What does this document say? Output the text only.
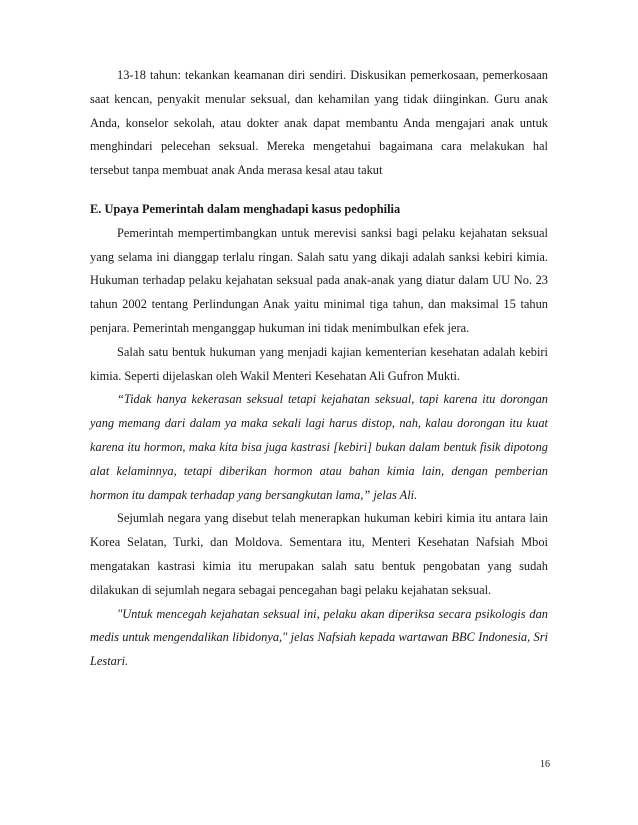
13-18 tahun: tekankan keamanan diri sendiri. Diskusikan pemerkosaan, pemerkosaan saat kencan, penyakit menular seksual, dan kehamilan yang tidak diinginkan. Guru anak Anda, konselor sekolah, atau dokter anak dapat membantu Anda mengajari anak untuk menghindari pelecehan seksual. Mereka mengetahui bagaimana cara melakukan hal tersebut tanpa membuat anak Anda merasa kesal atau takut

E. Upaya Pemerintah dalam menghadapi kasus pedophilia

Pemerintah mempertimbangkan untuk merevisi sanksi bagi pelaku kejahatan seksual yang selama ini dianggap terlalu ringan. Salah satu yang dikaji adalah sanksi kebiri kimia. Hukuman terhadap pelaku kejahatan seksual pada anak-anak yang diatur dalam UU No. 23 tahun 2002 tentang Perlindungan Anak yaitu minimal tiga tahun, dan maksimal 15 tahun penjara. Pemerintah menganggap hukuman ini tidak menimbulkan efek jera.

Salah satu bentuk hukuman yang menjadi kajian kementerian kesehatan adalah kebiri kimia. Seperti dijelaskan oleh Wakil Menteri Kesehatan Ali Gufron Mukti.

“Tidak hanya kekerasan seksual tetapi kejahatan seksual, tapi karena itu dorongan yang memang dari dalam ya maka sekali lagi harus distop, nah, kalau dorongan itu kuat karena itu hormon, maka kita bisa juga kastrasi [kebiri] bukan dalam bentuk fisik dipotong alat kelaminnya, tetapi diberikan hormon atau bahan kimia lain, dengan pemberian hormon itu dampak terhadap yang bersangkutan lama,” jelas Ali.

Sejumlah negara yang disebut telah menerapkan hukuman kebiri kimia itu antara lain Korea Selatan, Turki, dan Moldova. Sementara itu, Menteri Kesehatan Nafsiah Mboi mengatakan kastrasi kimia itu merupakan salah satu bentuk pengobatan yang sudah dilakukan di sejumlah negara sebagai pencegahan bagi pelaku kejahatan seksual.

"Untuk mencegah kejahatan seksual ini, pelaku akan diperiksa secara psikologis dan medis untuk mengendalikan libidonya," jelas Nafsiah kepada wartawan BBC Indonesia, Sri Lestari.

16
